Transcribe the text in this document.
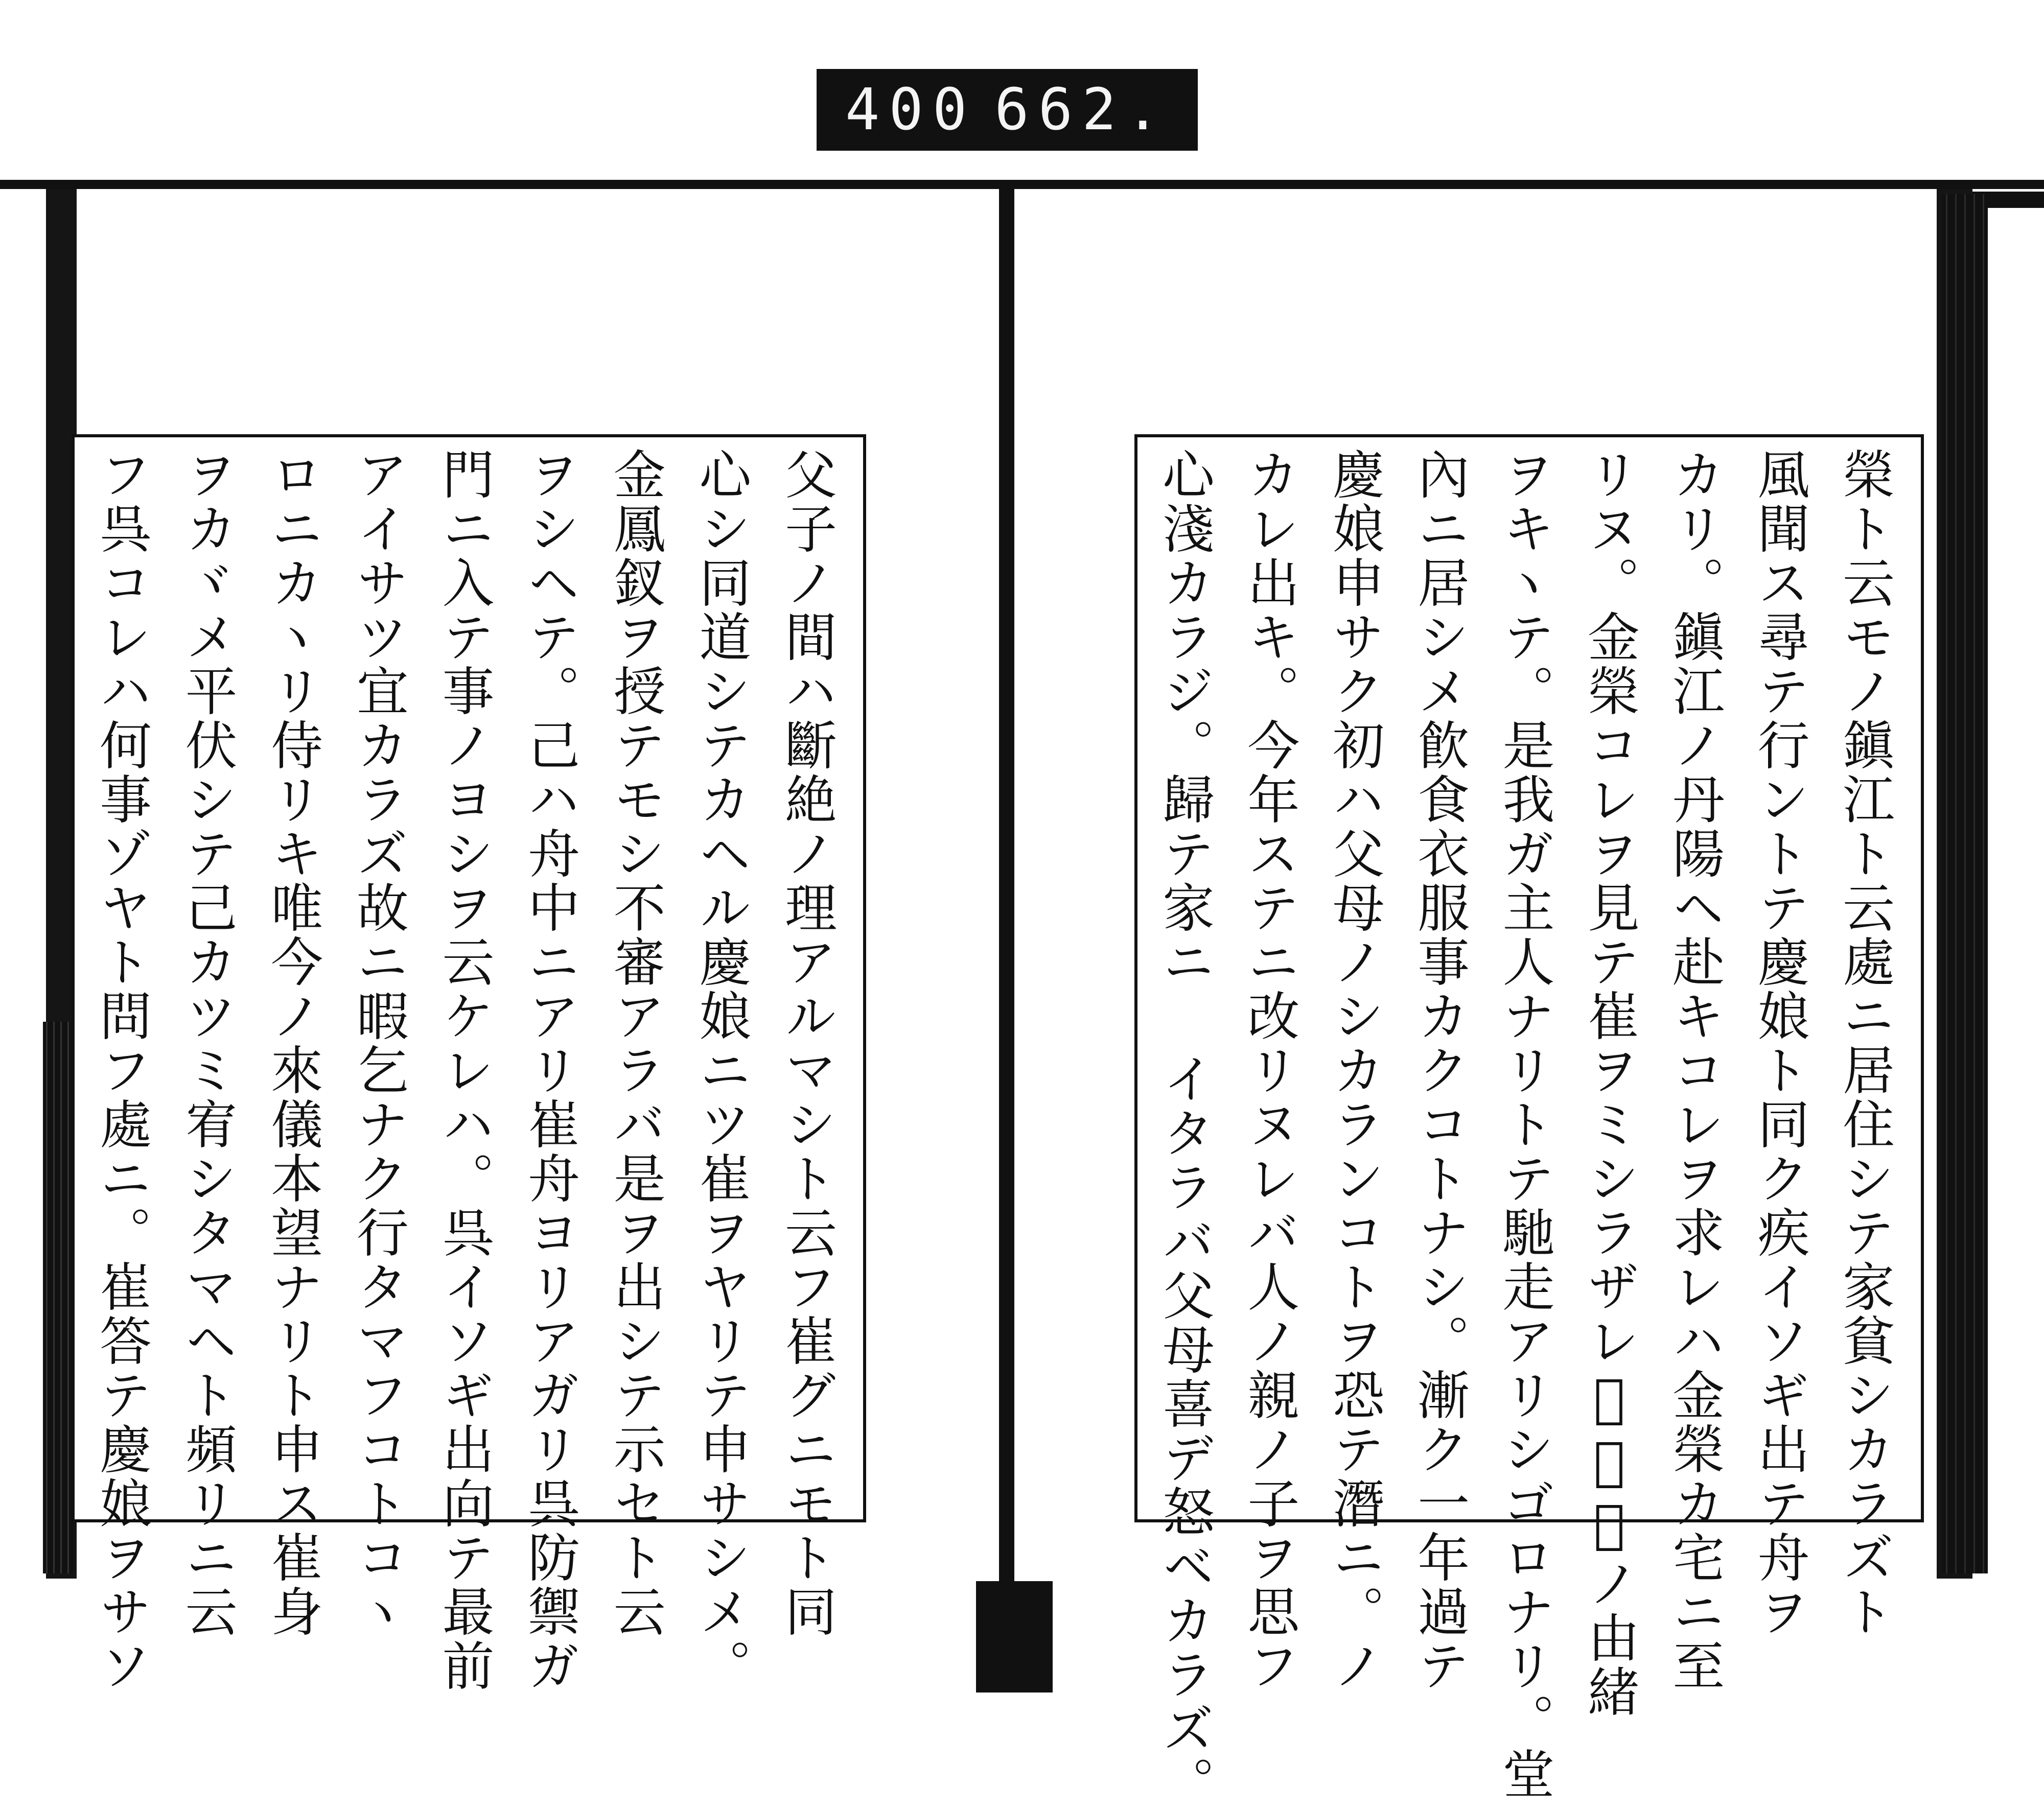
400 662.
父子ノ間ハ斷絶ノ理アルマシト云フ崔グニモト同
心シ同道シテカヘル慶娘ニツ崔ヲヤリテ申サシメ。
金鳳釵ヲ授テモシ不審アラバ是ヲ出シテ示セト云
ヲシヘテ。己ハ舟中ニアリ崔舟ヨリアガリ呉防禦ガ
門ニ入テ事ノヨシヲ云ケレハ。呉イソギ出向テ最前
アイサツ宜カラズ故ニ暇乞ナク行タマフコトコヽ
ロニカヽリ侍リキ唯今ノ來儀本望ナリト申ス崔身
ヲカヾメ平伏シテ己カツミ宥シタマヘト頻リニ云
フ呉コレハ何事ゾヤト問フ處ニ。崔答テ慶娘ヲサソ	榮ト云モノ鎭江ト云處ニ居住シテ家貧シカラズト
風聞ス尋テ行ントテ慶娘ト同ク疾イソギ出テ舟ヲ
カリ。鎭江ノ丹陽ヘ赴キコレヲ求レハ金榮カ宅ニ至
リヌ。金榮コレヲ見テ崔ヲミシラザレ𪜈其父ノ由緒
ヲキヽテ。是我ガ主人ナリトテ馳走アリシゴロナリ。堂
內ニ居シメ飮食衣服事カクコトナシ。漸ク一年過テ
慶娘申サク初ハ父母ノシカランコトヲ恐テ潛ニ。ノ
カレ出キ。今年ステニ改リヌレバ人ノ親ノ子ヲ思フ
心淺カラジ。歸テ家ニ イタラバ父母喜デ怒ベカラズ。
